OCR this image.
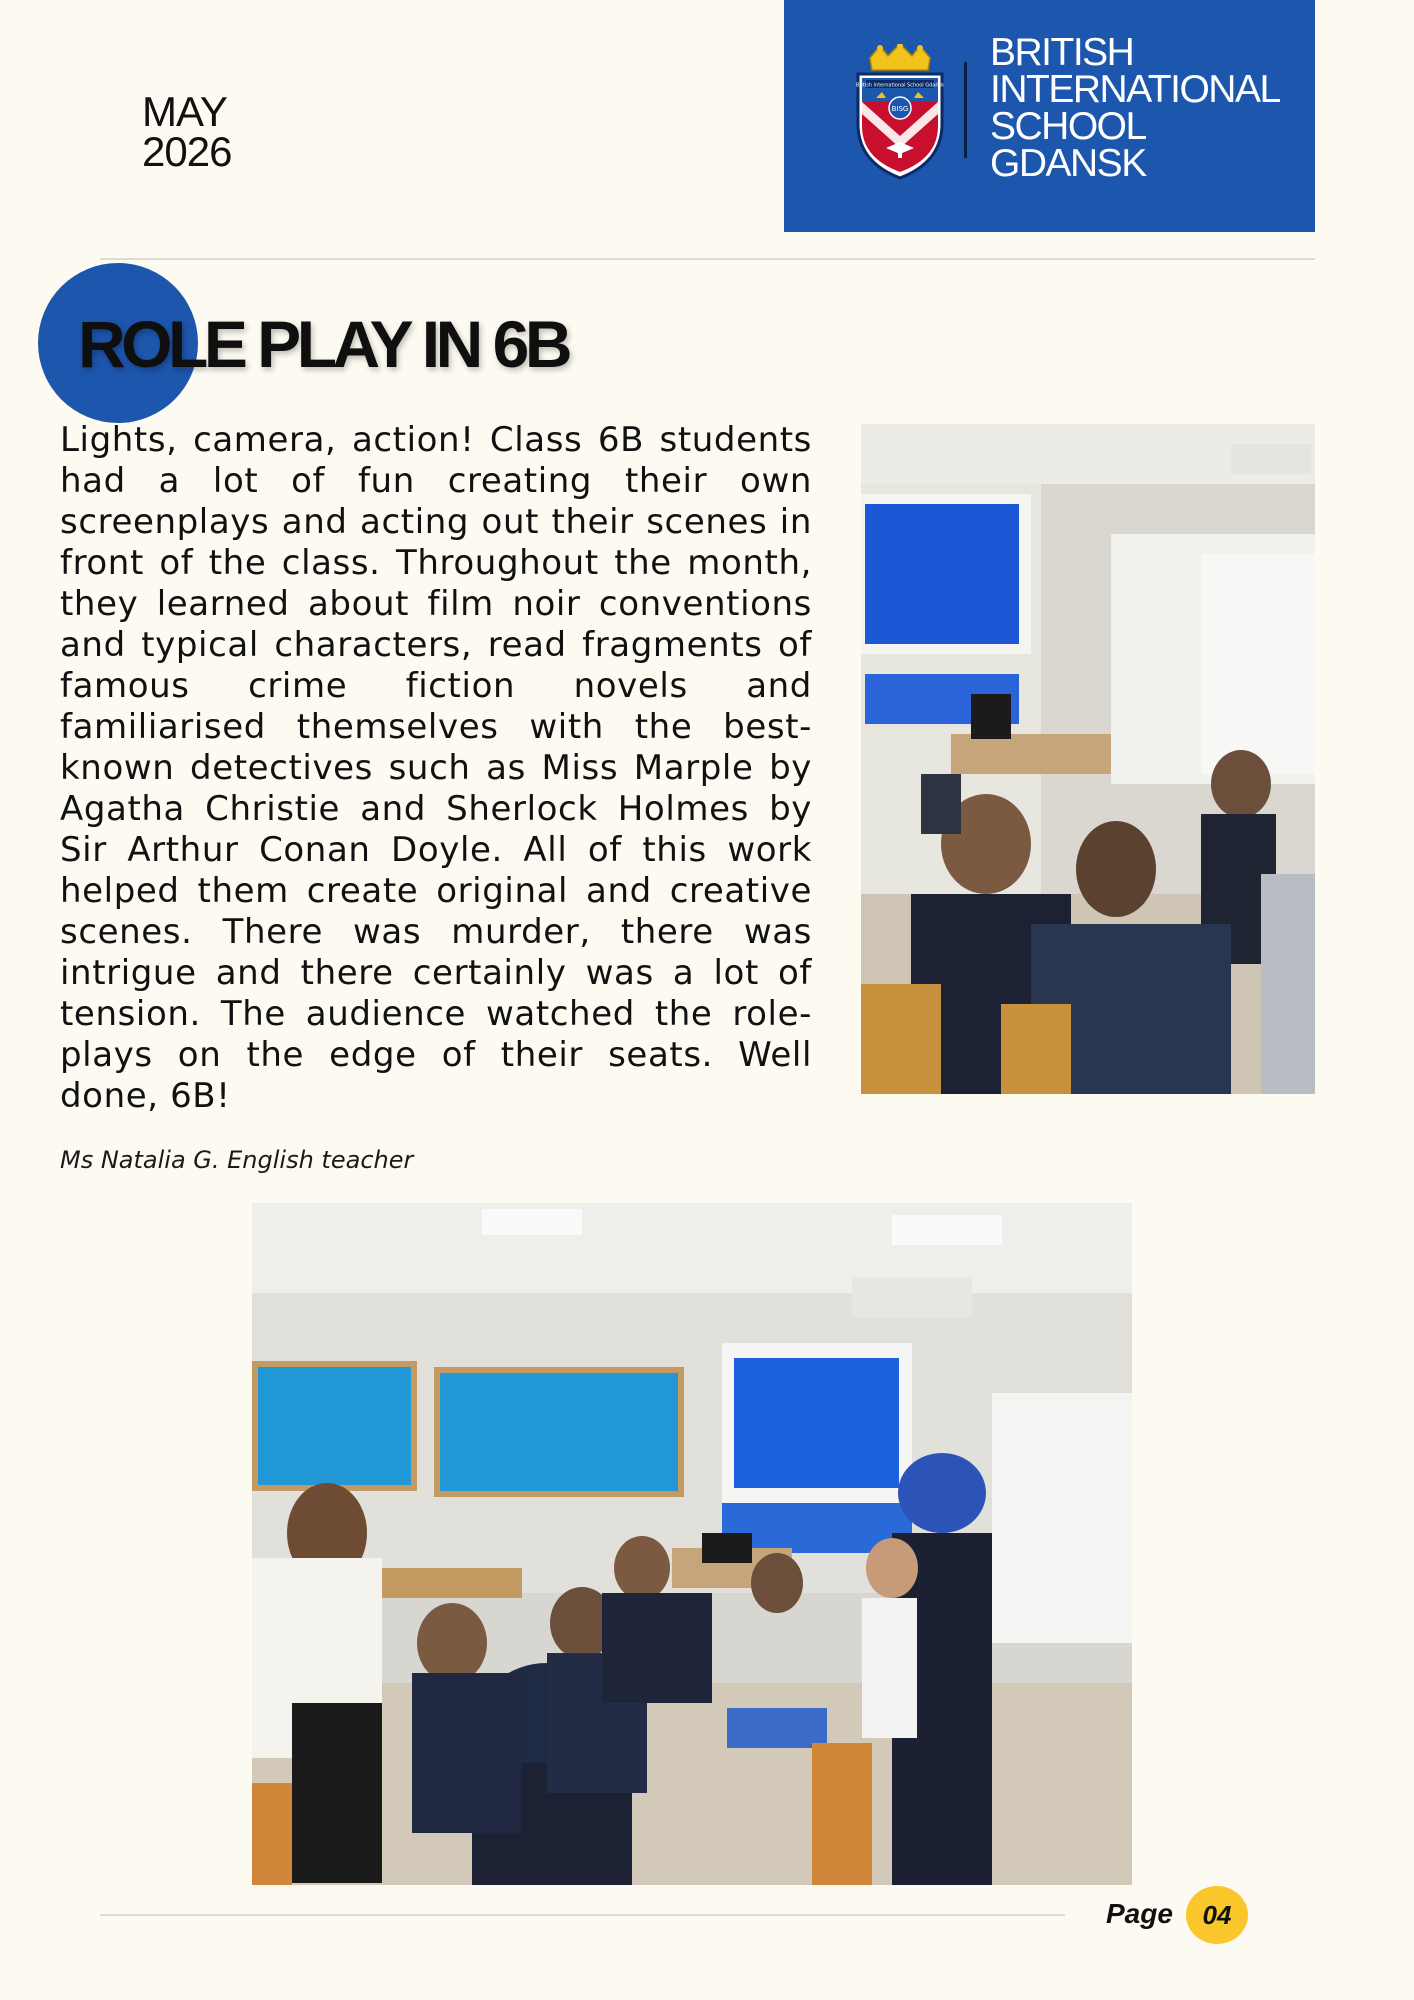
MAY
2026
British International School Gdańsk
BISG
BRITISH
INTERNATIONAL
SCHOOL
GDANSK
ROLE PLAY IN 6B
Lights, camera, action! Class 6B students had a lot of fun creating their own screenplays and acting out their scenes in front of the class. Throughout the month, they learned about film noir conventions and typical characters, read fragments of famous crime fiction novels and familiarised themselves with the best-known detectives such as Miss Marple by Agatha Christie and Sherlock Holmes by Sir Arthur Conan Doyle. All of this work helped them create original and creative scenes. There was murder, there was intrigue and there certainly was a lot of tension. The audience watched the role-plays on the edge of their seats. Well done, 6B!
Ms Natalia G. English teacher
Page	04
